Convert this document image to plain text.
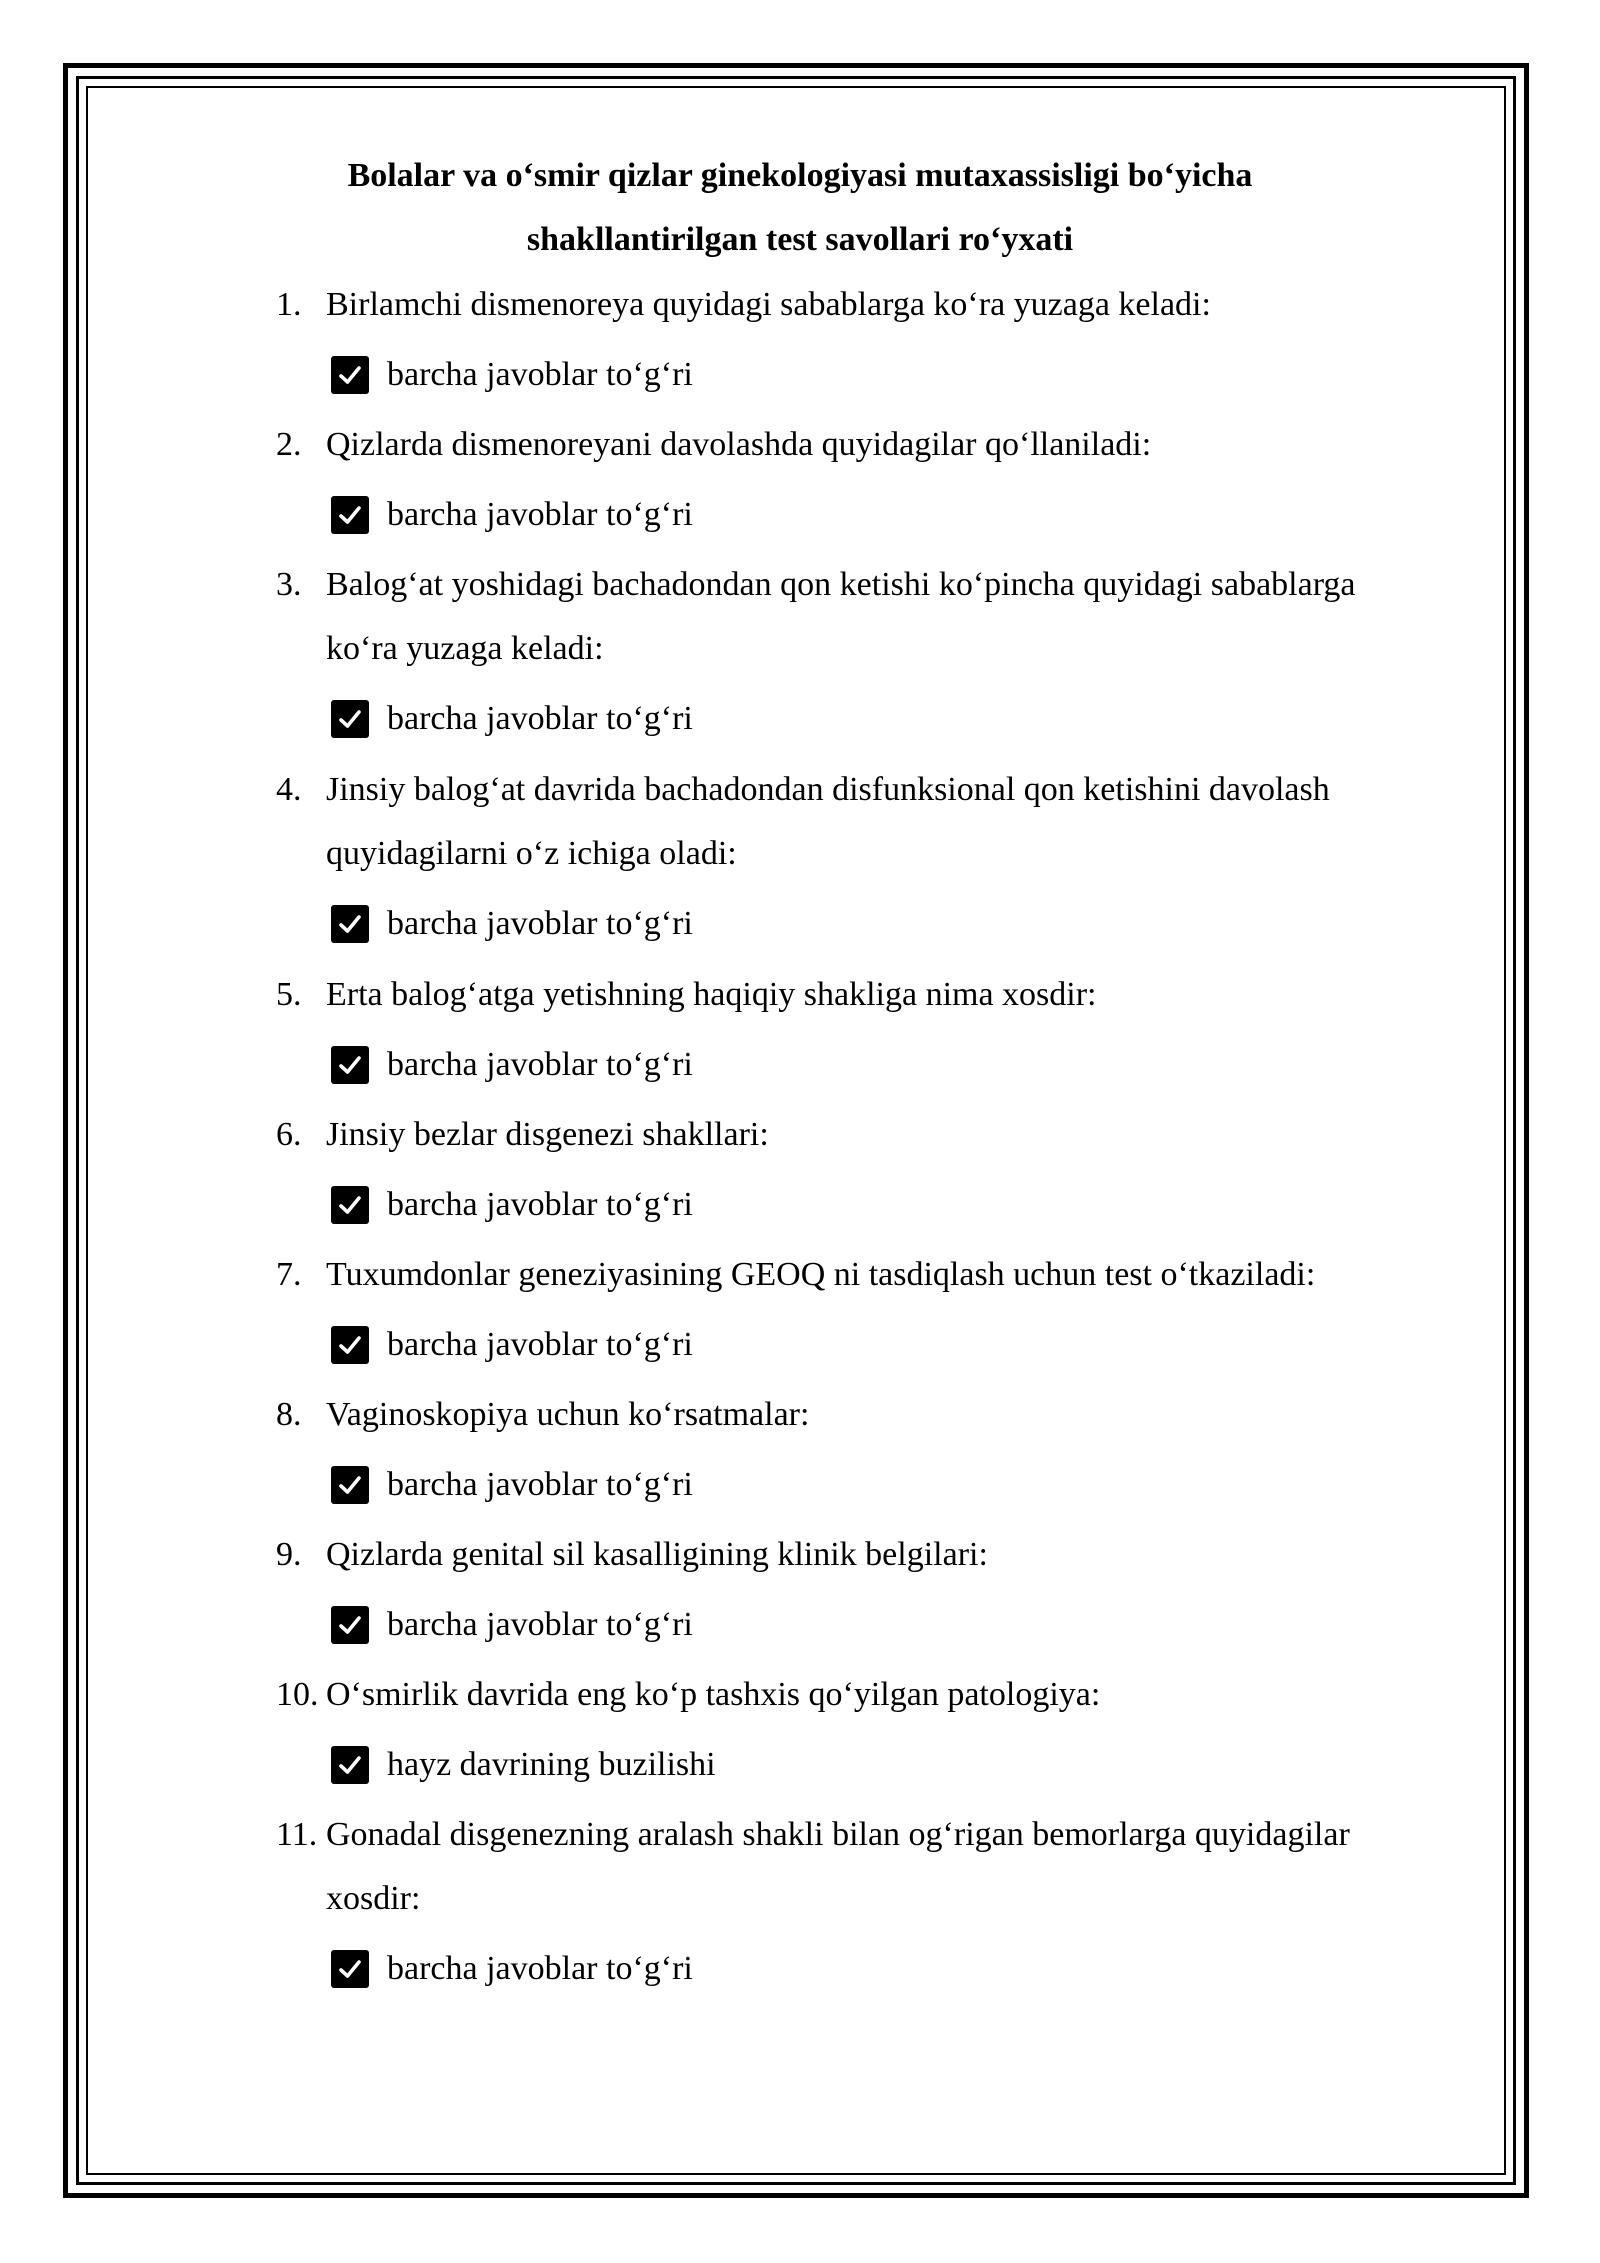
Bolalar va o‘smir qizlar ginekologiyasi mutaxassisligi bo‘yicha
shakllantirilgan test savollari ro‘yxati
1. Birlamchi dismenoreya quyidagi sabablarga ko‘ra yuzaga keladi:
barcha javoblar to‘g‘ri
2. Qizlarda dismenoreyani davolashda quyidagilar qo‘llaniladi:
barcha javoblar to‘g‘ri
3. Balog‘at yoshidagi bachadondan qon ketishi ko‘pincha quyidagi sabablarga
ko‘ra yuzaga keladi:
barcha javoblar to‘g‘ri
4. Jinsiy balog‘at davrida bachadondan disfunksional qon ketishini davolash
quyidagilarni o‘z ichiga oladi:
barcha javoblar to‘g‘ri
5. Erta balog‘atga yetishning haqiqiy shakliga nima xosdir:
barcha javoblar to‘g‘ri
6. Jinsiy bezlar disgenezi shakllari:
barcha javoblar to‘g‘ri
7. Tuxumdonlar geneziyasining GEOQ ni tasdiqlash uchun test o‘tkaziladi:
barcha javoblar to‘g‘ri
8. Vaginoskopiya uchun ko‘rsatmalar:
barcha javoblar to‘g‘ri
9. Qizlarda genital sil kasalligining klinik belgilari:
barcha javoblar to‘g‘ri
10. O‘smirlik davrida eng ko‘p tashxis qo‘yilgan patologiya:
hayz davrining buzilishi
11. Gonadal disgenezning aralash shakli bilan og‘rigan bemorlarga quyidagilar
xosdir:
barcha javoblar to‘g‘ri
